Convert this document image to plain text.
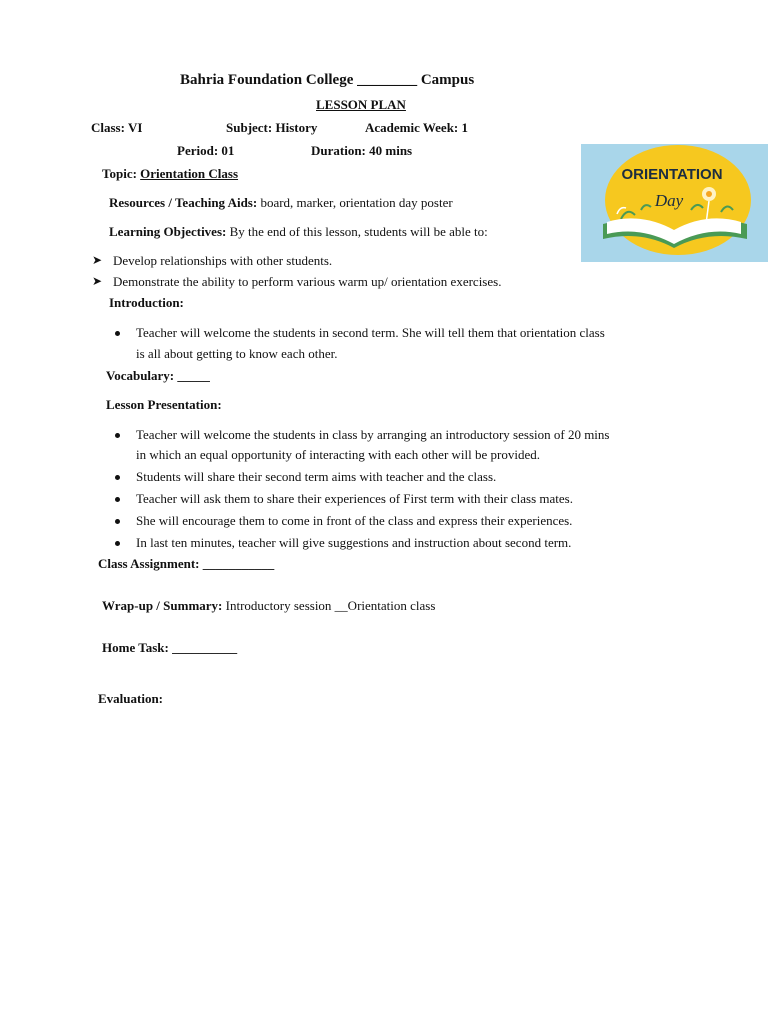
Bahria Foundation College ________ Campus
LESSON PLAN
Class: VI	Subject: History	Academic Week: 1
Period: 01	Duration: 40 mins
ORIENTATION
Day
Topic: Orientation Class
Resources / Teaching Aids: board, marker, orientation day poster
Learning Objectives: By the end of this lesson, students will be able to:
➤ Develop relationships with other students.
➤ Demonstrate the ability to perform various warm up/ orientation exercises.
Introduction:
Teacher will welcome the students in second term. She will tell them that orientation class
is all about getting to know each other.
Vocabulary: _____
Lesson Presentation:
Teacher will welcome the students in class by arranging an introductory session of 20 mins
in which an equal opportunity of interacting with each other will be provided.
Students will share their second term aims with teacher and the class.
Teacher will ask them to share their experiences of First term with their class mates.
She will encourage them to come in front of the class and express their experiences.
In last ten minutes, teacher will give suggestions and instruction about second term.
Class Assignment: ___________
Wrap-up / Summary: Introductory session __Orientation class
Home Task: __________
Evaluation:
